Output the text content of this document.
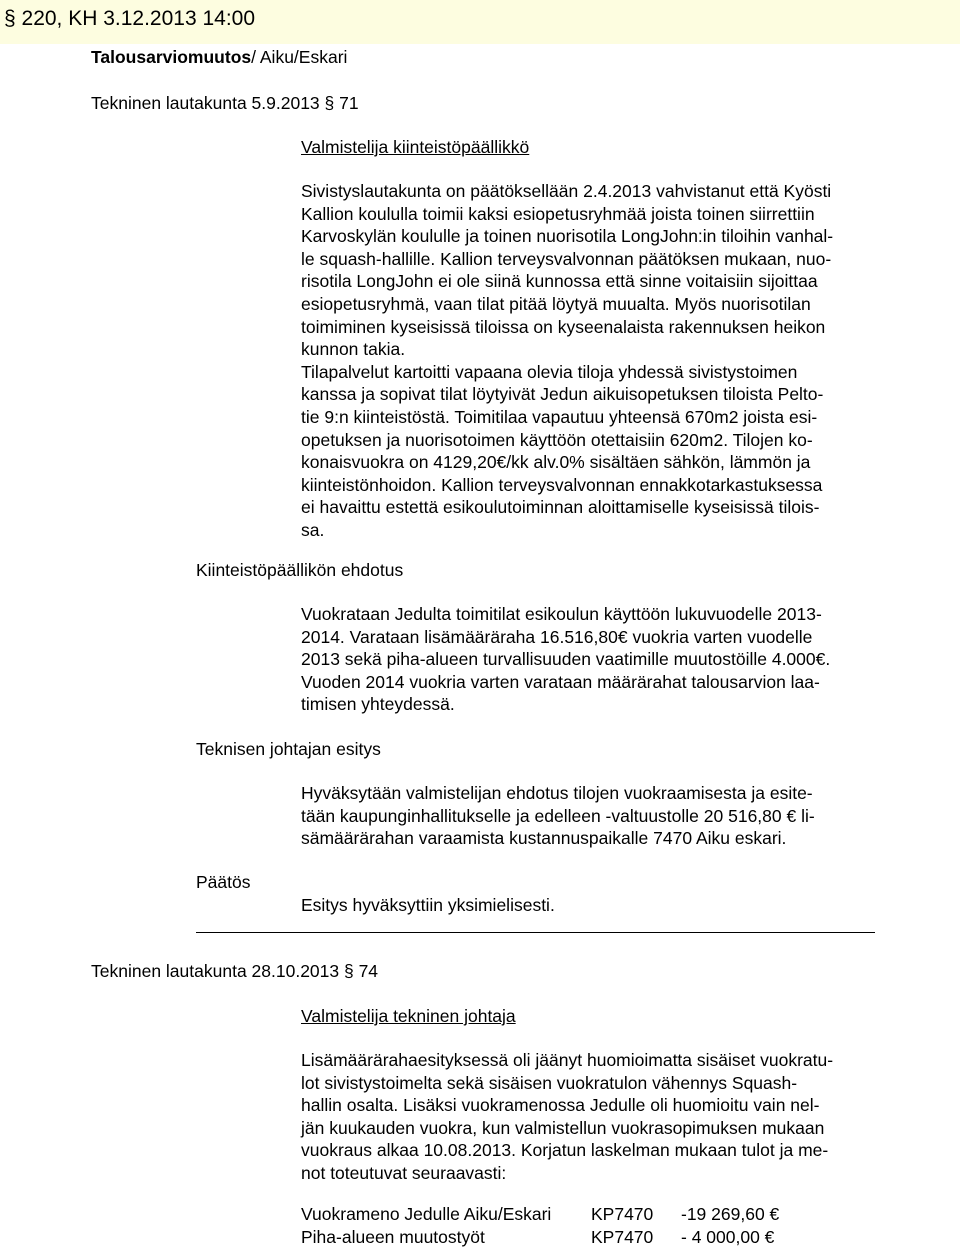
§ 220, KH 3.12.2013 14:00
Talousarviomuutos/ Aiku/Eskari
Tekninen lautakunta 5.9.2013 § 71
Valmistelija kiinteistöpäällikkö
Sivistyslautakunta on päätöksellään 2.4.2013 vahvistanut että Kyösti
Kallion koululla toimii kaksi esiopetusryhmää joista toinen siirrettiin
Karvoskylän koululle ja toinen nuorisotila LongJohn:in tiloihin vanhal-
le squash-hallille. Kallion terveysvalvonnan päätöksen mukaan, nuo-
risotila LongJohn ei ole siinä kunnossa että sinne voitaisiin sijoittaa
esiopetusryhmä, vaan tilat pitää löytyä muualta. Myös nuorisotilan
toimiminen kyseisissä tiloissa on kyseenalaista rakennuksen heikon
kunnon takia.
Tilapalvelut kartoitti vapaana olevia tiloja yhdessä sivistystoimen
kanssa ja sopivat tilat löytyivät Jedun aikuisopetuksen tiloista Pelto-
tie 9:n kiinteistöstä. Toimitilaa vapautuu yhteensä 670m2 joista esi-
opetuksen ja nuorisotoimen käyttöön otettaisiin 620m2. Tilojen ko-
konaisvuokra on 4129,20€/kk alv.0% sisältäen sähkön, lämmön ja
kiinteistönhoidon. Kallion terveysvalvonnan ennakkotarkastuksessa
ei havaittu estettä esikoulutoiminnan aloittamiselle kyseisissä tilois-
sa.
Kiinteistöpäällikön ehdotus
Vuokrataan Jedulta toimitilat esikoulun käyttöön lukuvuodelle 2013-
2014. Varataan lisämääräraha 16.516,80€ vuokria varten vuodelle
2013 sekä piha-alueen turvallisuuden vaatimille muutostöille 4.000€.
Vuoden 2014 vuokria varten varataan määrärahat talousarvion laa-
timisen yhteydessä.
Teknisen johtajan esitys
Hyväksytään valmistelijan ehdotus tilojen vuokraamisesta ja esite-
tään kaupunginhallitukselle ja edelleen -valtuustolle 20 516,80 € li-
sämäärärahan varaamista kustannuspaikalle 7470 Aiku eskari.
Päätös
Esitys hyväksyttiin yksimielisesti.
Tekninen lautakunta 28.10.2013 § 74
Valmistelija tekninen johtaja
Lisämäärärahaesityksessä oli jäänyt huomioimatta sisäiset vuokratu-
lot sivistystoimelta sekä sisäisen vuokratulon vähennys Squash-
hallin osalta. Lisäksi vuokramenossa Jedulle oli huomioitu vain nel-
jän kuukauden vuokra, kun valmistellun vuokrasopimuksen mukaan
vuokraus alkaa 10.08.2013. Korjatun laskelman mukaan tulot ja me-
not toteutuvat seuraavasti:
Vuokrameno Jedulle Aiku/Eskari	KP7470	-19 269,60 €
Piha-alueen muutostyöt	KP7470	- 4 000,00 €
